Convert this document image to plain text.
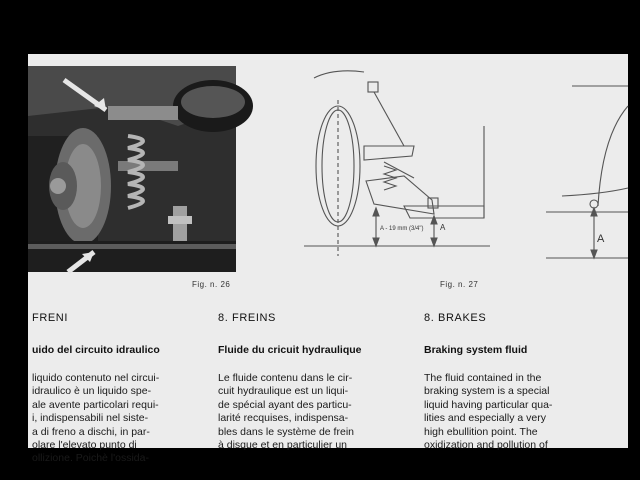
Fig. n. 26
A - 19 mm (3/4") A
Fig. n. 27
A
FRENI
uido del circuito idraulico
liquido contenuto nel circui-
idraulico è un liquido spe-
ale avente particolari requi-
i, indispensabili nel siste-
a di freno a dischi, in par-
olare l'elevato punto di
ollizione. Poichè l'ossida-
8. FREINS
Fluide du cricuit hydraulique
Le fluide contenu dans le cir-
cuit hydraulique est un liqui-
de spécial ayant des particu-
larité recquises, indispensa-
bles dans le système de frein
à disque et en particulier un
8. BRAKES
Braking system fluid
The fluid contained in the
braking system is a special
liquid having particular qua-
lities and especially a very
high ebullition point. The
oxidization and pollution of
